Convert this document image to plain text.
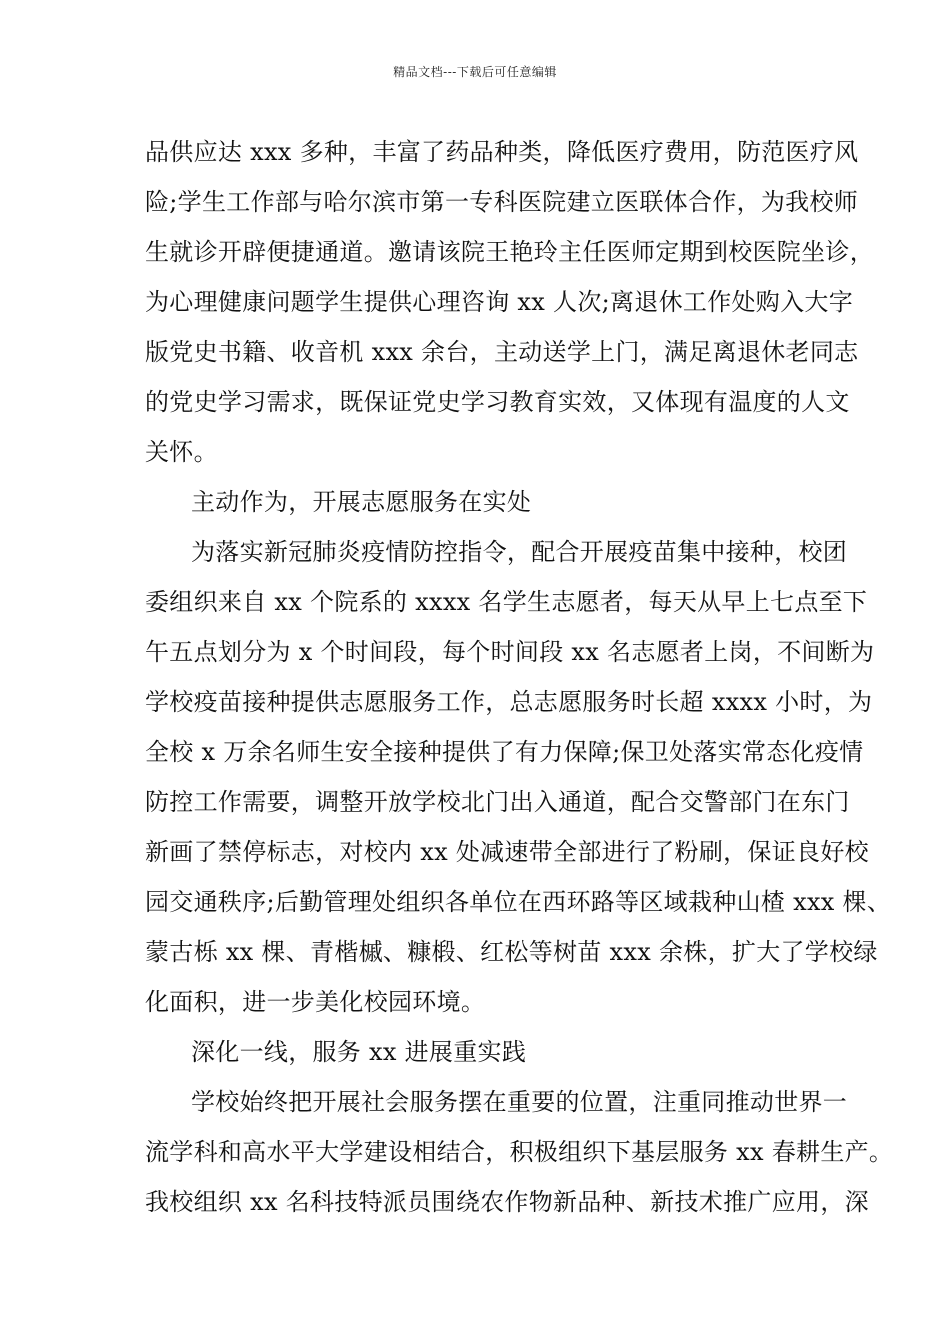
精品文档---下载后可任意编辑
品供应达 xxx 多种，丰富了药品种类，降低医疗费用，防范医疗风
险;学生工作部与哈尔滨市第一专科医院建立医联体合作，为我校师
生就诊开辟便捷通道。邀请该院王艳玲主任医师定期到校医院坐诊，
为心理健康问题学生提供心理咨询 xx 人次;离退休工作处购入大字
版党史书籍、收音机 xxx 余台，主动送学上门，满足离退休老同志
的党史学习需求，既保证党史学习教育实效，又体现有温度的人文
关怀。
主动作为，开展志愿服务在实处
为落实新冠肺炎疫情防控指令，配合开展疫苗集中接种，校团
委组织来自 xx 个院系的 xxxx 名学生志愿者，每天从早上七点至下
午五点划分为 x 个时间段，每个时间段 xx 名志愿者上岗，不间断为
学校疫苗接种提供志愿服务工作，总志愿服务时长超 xxxx 小时，为
全校 x 万余名师生安全接种提供了有力保障;保卫处落实常态化疫情
防控工作需要，调整开放学校北门出入通道，配合交警部门在东门
新画了禁停标志，对校内 xx 处减速带全部进行了粉刷，保证良好校
园交通秩序;后勤管理处组织各单位在西环路等区域栽种山楂 xxx 棵、
蒙古栎 xx 棵、青楷槭、糠椴、红松等树苗 xxx 余株，扩大了学校绿
化面积，进一步美化校园环境。
深化一线，服务 xx 进展重实践
学校始终把开展社会服务摆在重要的位置，注重同推动世界一
流学科和高水平大学建设相结合，积极组织下基层服务 xx 春耕生产。
我校组织 xx 名科技特派员围绕农作物新品种、新技术推广应用，深
